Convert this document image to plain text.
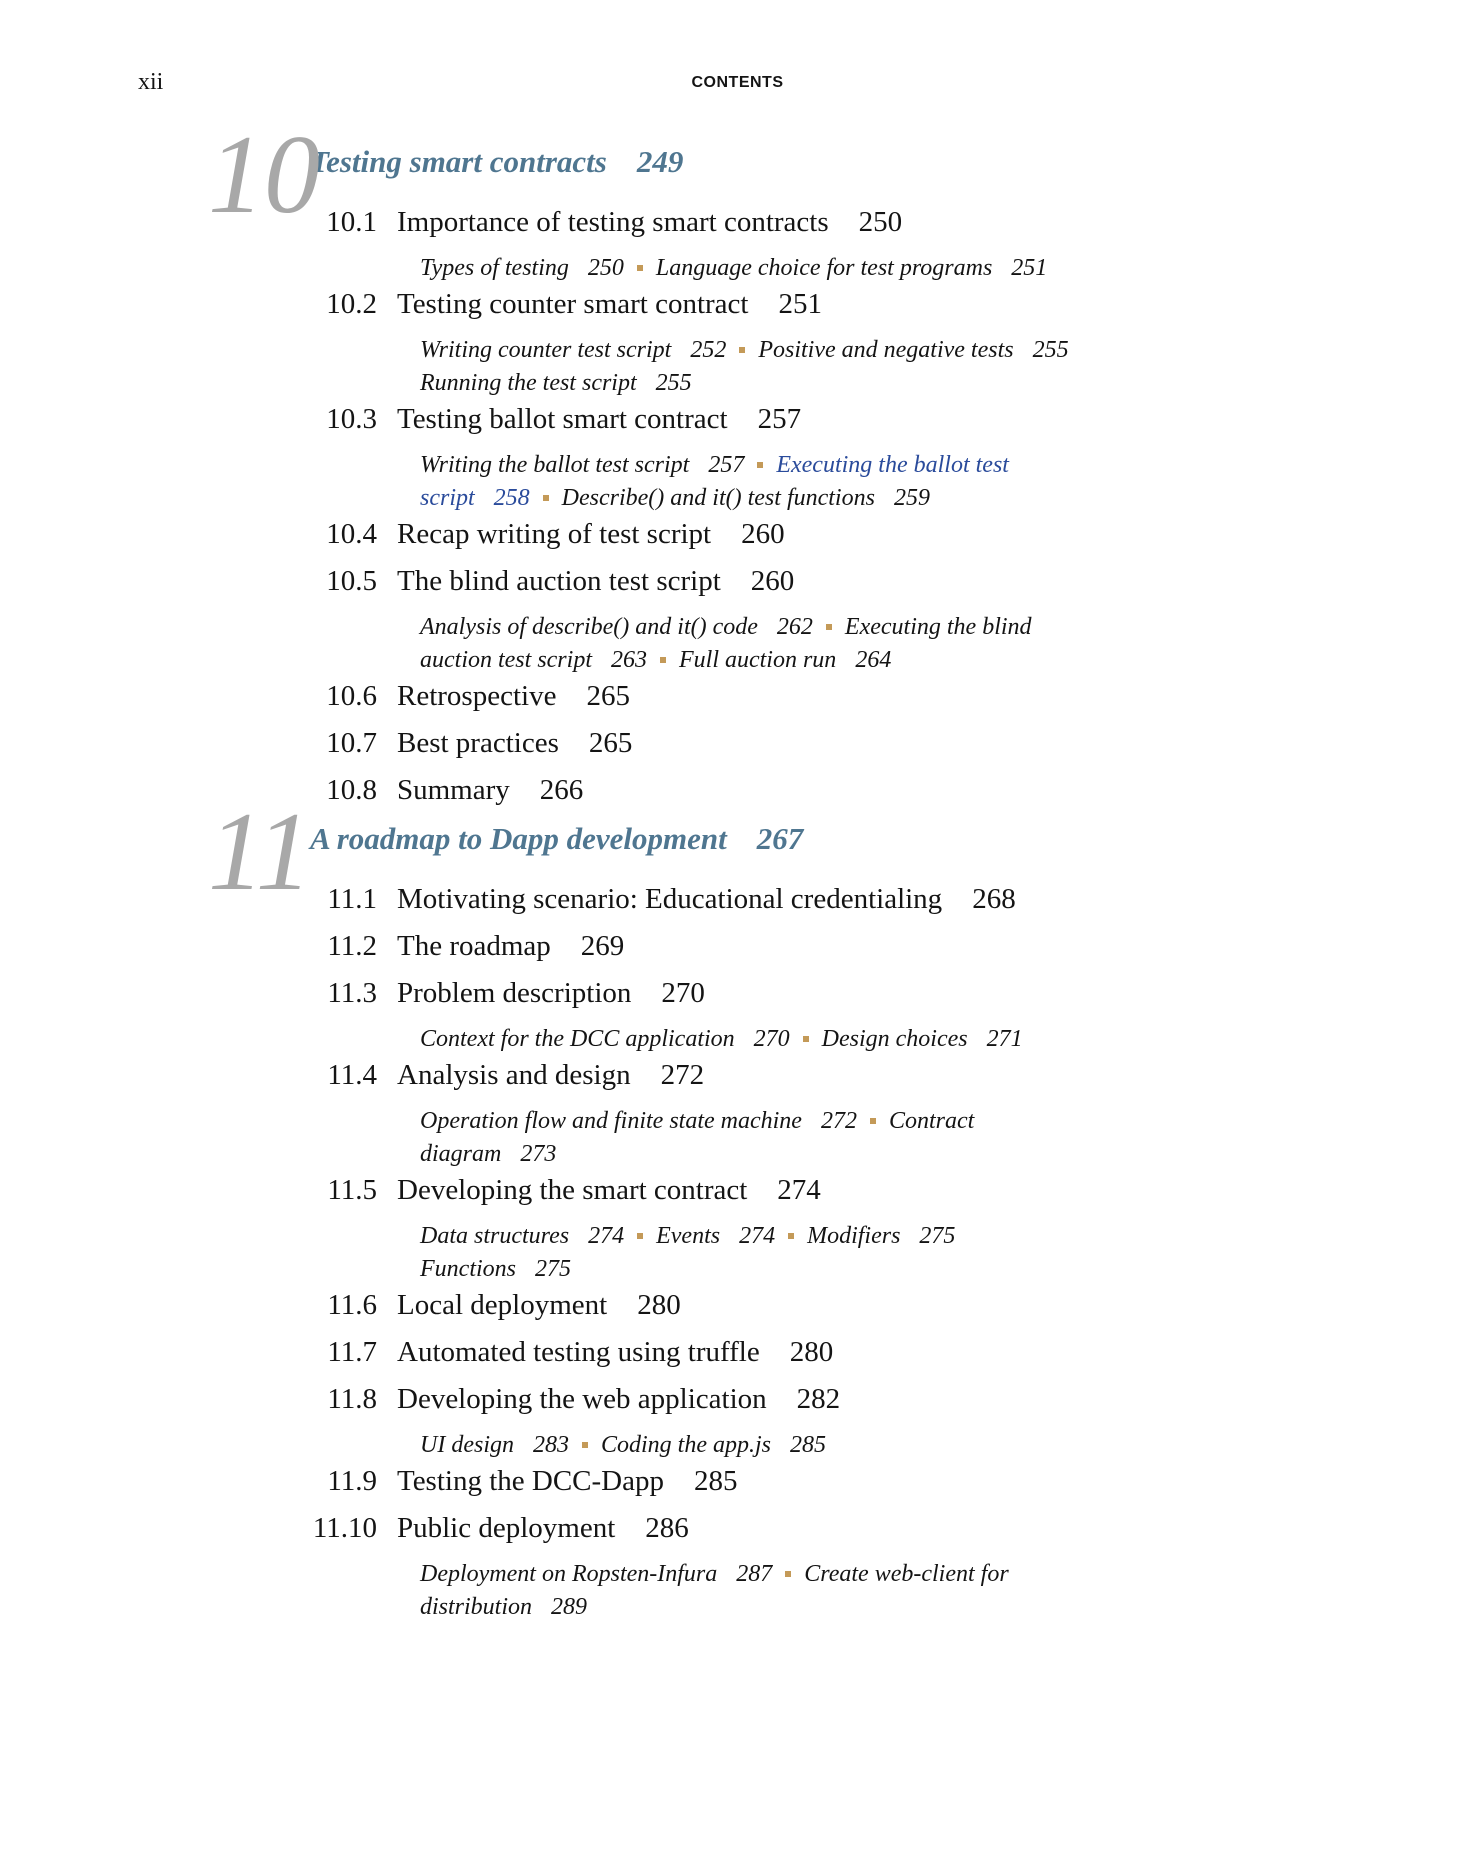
xii	CONTENTS
10
Testing smart contracts 249
10.1 Importance of testing smart contracts 250
Types of testing 250 Language choice for test programs 251
10.2 Testing counter smart contract 251
Writing counter test script 252 Positive and negative tests 255
Running the test script 255
10.3 Testing ballot smart contract 257
Writing the ballot test script 257 Executing the ballot test
script 258 Describe() and it() test functions 259
10.4 Recap writing of test script 260
10.5 The blind auction test script 260
Analysis of describe() and it() code 262 Executing the blind
auction test script 263 Full auction run 264
10.6 Retrospective 265
10.7 Best practices 265
10.8 Summary 266
11
A roadmap to Dapp development 267
11.1 Motivating scenario: Educational credentialing 268
11.2 The roadmap 269
11.3 Problem description 270
Context for the DCC application 270 Design choices 271
11.4 Analysis and design 272
Operation flow and finite state machine 272 Contract
diagram 273
11.5 Developing the smart contract 274
Data structures 274 Events 274 Modifiers 275
Functions 275
11.6 Local deployment 280
11.7 Automated testing using truffle 280
11.8 Developing the web application 282
UI design 283 Coding the app.js 285
11.9 Testing the DCC-Dapp 285
11.10 Public deployment 286
Deployment on Ropsten-Infura 287 Create web-client for
distribution 289
